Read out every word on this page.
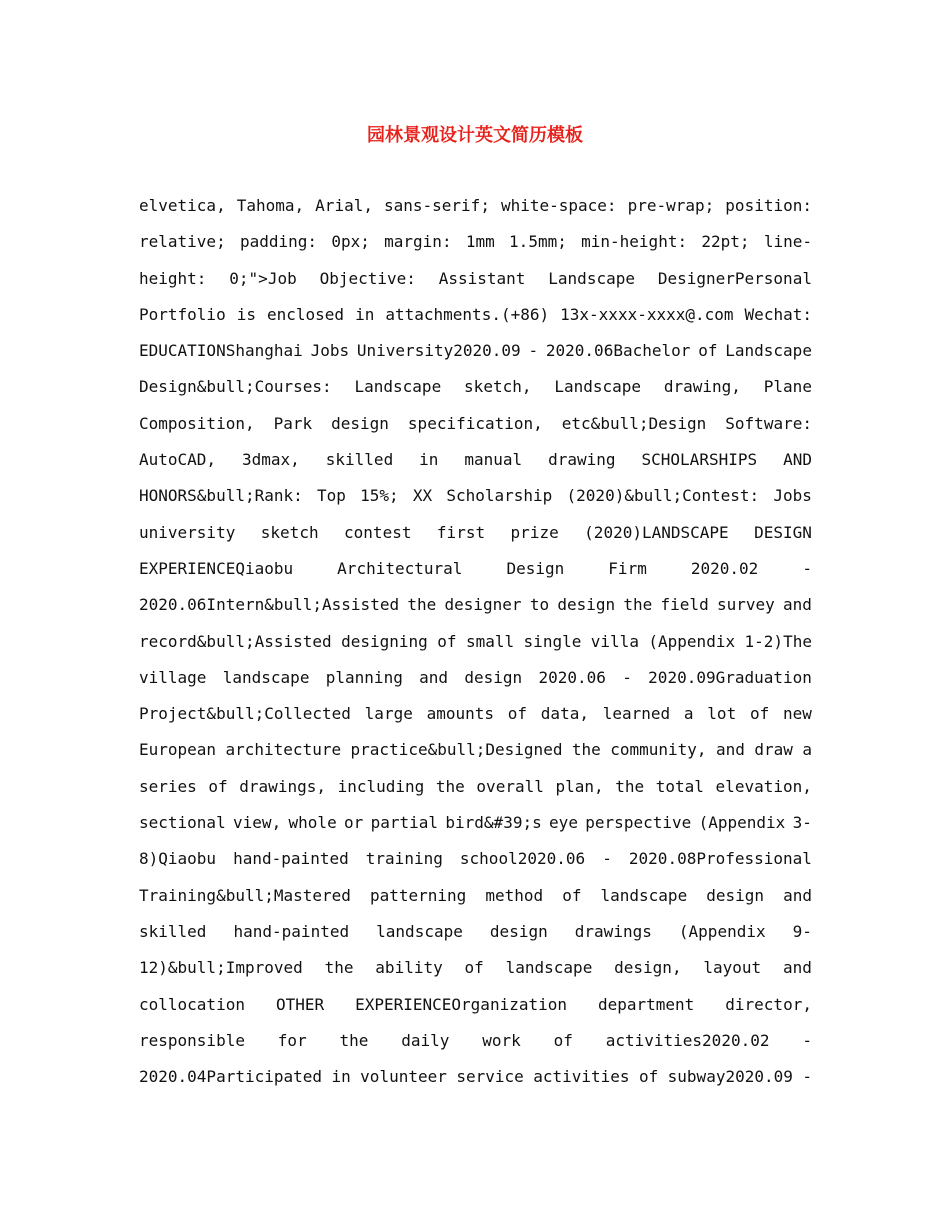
园林景观设计英文简历模板
elvetica, Tahoma, Arial, sans-serif; white-space: pre-wrap; position:
relative; padding: 0px; margin: 1mm 1.5mm; min-height: 22pt; line-
height: 0;">Job Objective: Assistant Landscape DesignerPersonal
Portfolio is enclosed in attachments.(+86) 13x-xxxx-xxxx@.com Wechat:
EDUCATIONShanghai Jobs University2020.09 - 2020.06Bachelor of Landscape
Design&bull;Courses: Landscape sketch, Landscape drawing, Plane
Composition, Park design specification, etc&bull;Design Software:
AutoCAD, 3dmax, skilled in manual drawing SCHOLARSHIPS AND
HONORS&bull;Rank: Top 15%; XX Scholarship (2020)&bull;Contest: Jobs
university sketch contest first prize (2020)LANDSCAPE DESIGN
EXPERIENCEQiaobu	Architectural	Design	Firm	2020.02	-
2020.06Intern&bull;Assisted the designer to design the field survey and
record&bull;Assisted designing of small single villa (Appendix 1-2)The
village landscape planning and design 2020.06 - 2020.09Graduation
Project&bull;Collected large amounts of data, learned a lot of new
European architecture practice&bull;Designed the community, and draw a
series of drawings, including the overall plan, the total elevation,
sectional view, whole or partial bird&#39;s eye perspective (Appendix 3-
8)Qiaobu hand-painted training school2020.06 - 2020.08Professional
Training&bull;Mastered patterning method of landscape design and
skilled hand-painted landscape design drawings (Appendix 9-
12)&bull;Improved the ability of landscape design, layout and
collocation OTHER EXPERIENCEOrganization department director,
responsible for the daily work of activities2020.02 -
2020.04Participated in volunteer service activities of subway2020.09 -
